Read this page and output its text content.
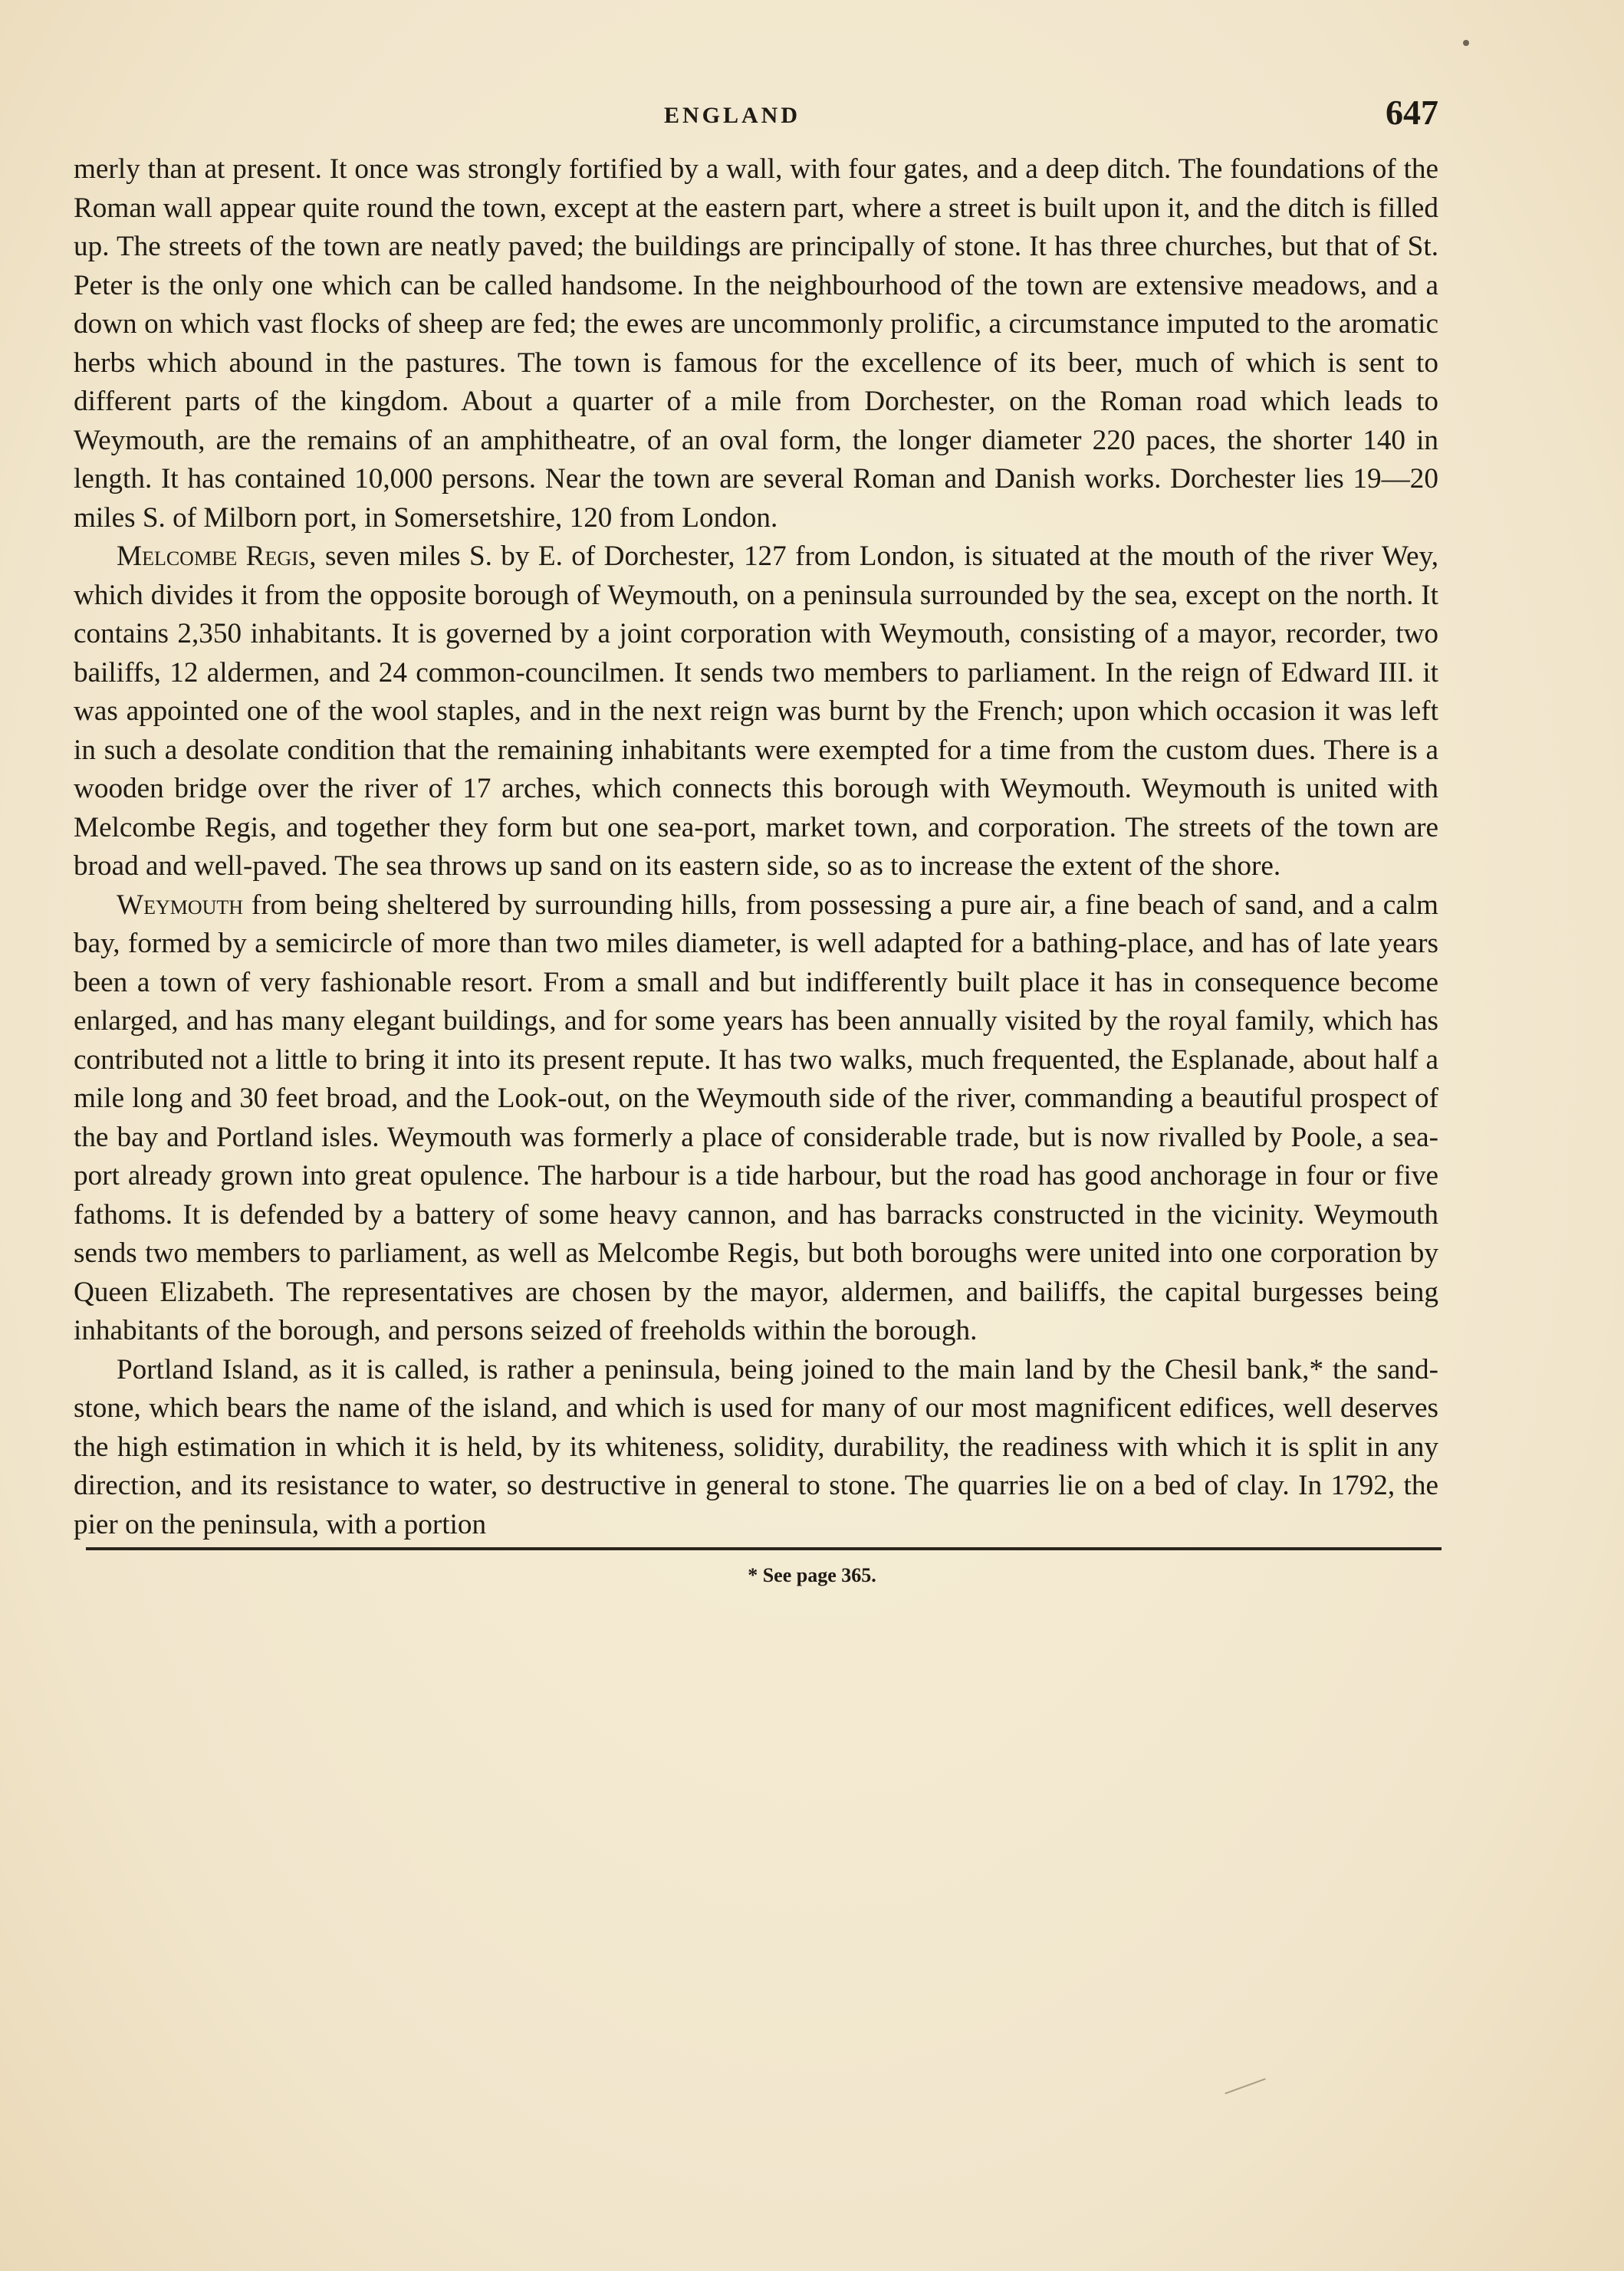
ENGLAND	647

merly than at present. It once was strongly fortified by a wall, with four gates, and a deep ditch. The foundations of the Roman wall appear quite round the town, except at the eastern part, where a street is built upon it, and the ditch is filled up. The streets of the town are neatly paved; the buildings are principally of stone. It has three churches, but that of St. Peter is the only one which can be called handsome. In the neighbourhood of the town are extensive meadows, and a down on which vast flocks of sheep are fed; the ewes are uncommonly prolific, a circumstance imputed to the aromatic herbs which abound in the pastures. The town is famous for the excellence of its beer, much of which is sent to different parts of the kingdom. About a quarter of a mile from Dorchester, on the Roman road which leads to Weymouth, are the remains of an amphitheatre, of an oval form, the longer diameter 220 paces, the shorter 140 in length. It has contained 10,000 persons. Near the town are several Roman and Danish works. Dorchester lies 19—20 miles S. of Milborn port, in Somersetshire, 120 from London.

Melcombe Regis, seven miles S. by E. of Dorchester, 127 from London, is situated at the mouth of the river Wey, which divides it from the opposite borough of Weymouth, on a peninsula surrounded by the sea, except on the north. It contains 2,350 inhabitants. It is governed by a joint corporation with Weymouth, consisting of a mayor, recorder, two bailiffs, 12 aldermen, and 24 common-councilmen. It sends two members to parliament. In the reign of Edward III. it was appointed one of the wool staples, and in the next reign was burnt by the French; upon which occasion it was left in such a desolate condition that the remaining inhabitants were exempted for a time from the custom dues. There is a wooden bridge over the river of 17 arches, which connects this borough with Weymouth. Weymouth is united with Melcombe Regis, and together they form but one sea-port, market town, and corporation. The streets of the town are broad and well-paved. The sea throws up sand on its eastern side, so as to increase the extent of the shore.

Weymouth from being sheltered by surrounding hills, from possessing a pure air, a fine beach of sand, and a calm bay, formed by a semicircle of more than two miles diameter, is well adapted for a bathing-place, and has of late years been a town of very fashionable resort. From a small and but indifferently built place it has in consequence become enlarged, and has many elegant buildings, and for some years has been annually visited by the royal family, which has contributed not a little to bring it into its present repute. It has two walks, much frequented, the Esplanade, about half a mile long and 30 feet broad, and the Look-out, on the Weymouth side of the river, commanding a beautiful prospect of the bay and Portland isles. Weymouth was formerly a place of considerable trade, but is now rivalled by Poole, a sea-port already grown into great opulence. The harbour is a tide harbour, but the road has good anchorage in four or five fathoms. It is defended by a battery of some heavy cannon, and has barracks constructed in the vicinity. Weymouth sends two members to parliament, as well as Melcombe Regis, but both boroughs were united into one corporation by Queen Elizabeth. The representatives are chosen by the mayor, aldermen, and bailiffs, the capital burgesses being inhabitants of the borough, and persons seized of freeholds within the borough.

Portland Island, as it is called, is rather a peninsula, being joined to the main land by the Chesil bank,* the sand-stone, which bears the name of the island, and which is used for many of our most magnificent edifices, well deserves the high estimation in which it is held, by its whiteness, solidity, durability, the readiness with which it is split in any direction, and its resistance to water, so destructive in general to stone. The quarries lie on a bed of clay. In 1792, the pier on the peninsula, with a portion

* See page 365.
